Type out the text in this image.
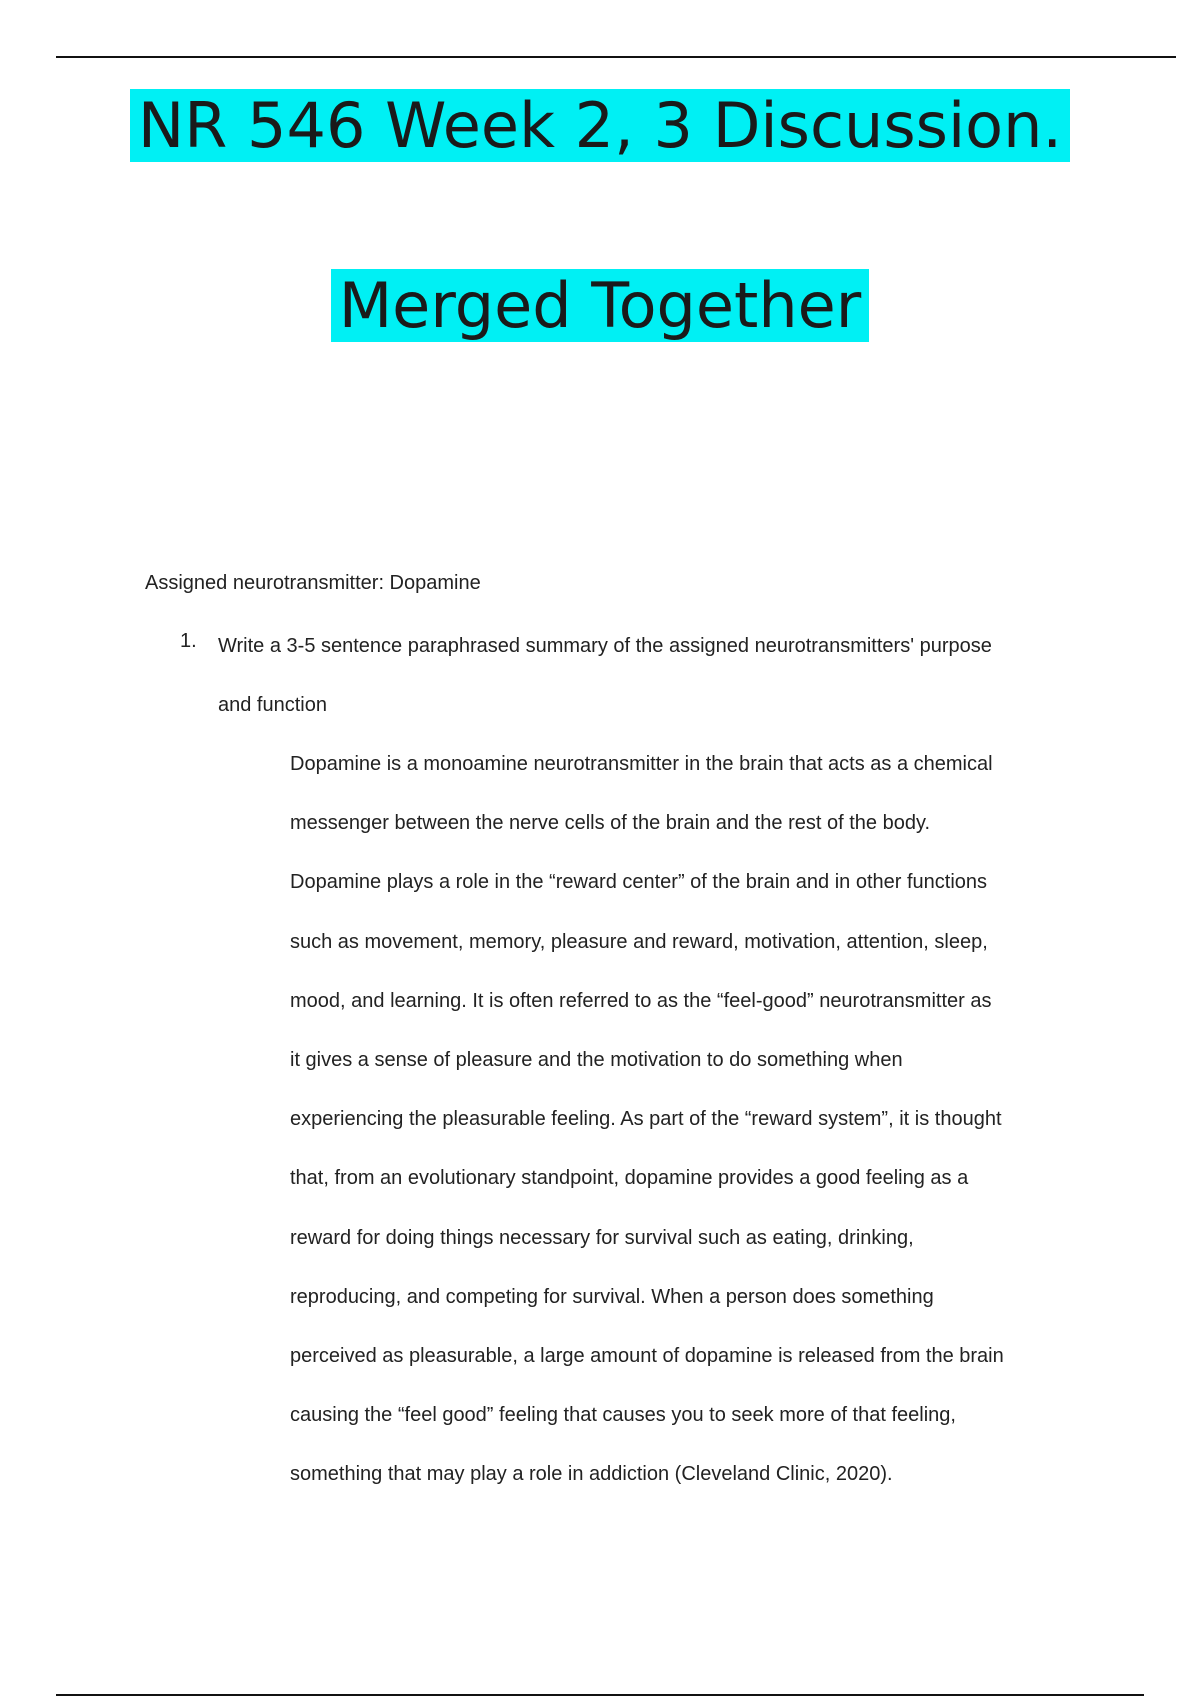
NR 546 Week 2, 3 Discussion.
Merged Together
Assigned neurotransmitter: Dopamine
1. Write a 3-5 sentence paraphrased summary of the assigned neurotransmitters' purpose
and function
Dopamine is a monoamine neurotransmitter in the brain that acts as a chemical
messenger between the nerve cells of the brain and the rest of the body.
Dopamine plays a role in the “reward center” of the brain and in other functions
such as movement, memory, pleasure and reward, motivation, attention, sleep,
mood, and learning. It is often referred to as the “feel-good” neurotransmitter as
it gives a sense of pleasure and the motivation to do something when
experiencing the pleasurable feeling. As part of the “reward system”, it is thought
that, from an evolutionary standpoint, dopamine provides a good feeling as a
reward for doing things necessary for survival such as eating, drinking,
reproducing, and competing for survival. When a person does something
perceived as pleasurable, a large amount of dopamine is released from the brain
causing the “feel good” feeling that causes you to seek more of that feeling,
something that may play a role in addiction (Cleveland Clinic, 2020).
